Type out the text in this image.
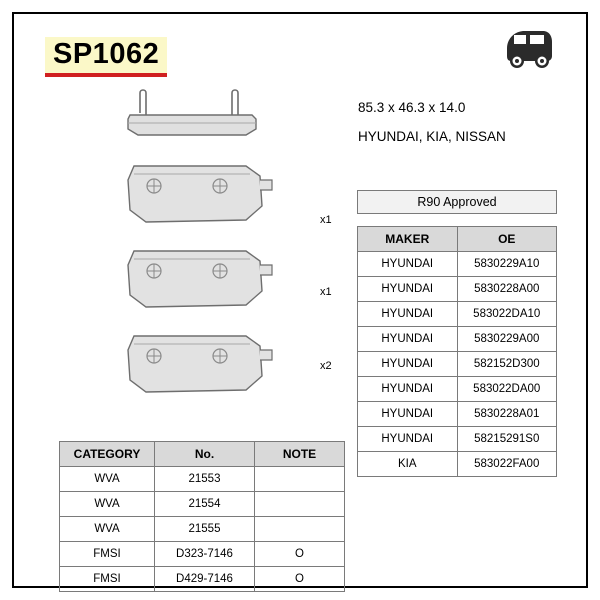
SP1062
85.3 x 46.3 x 14.0
HYUNDAI, KIA, NISSAN
R90 Approved
MAKER	OE
HYUNDAI	5830229A10
HYUNDAI	5830228A00
HYUNDAI	583022DA10
HYUNDAI	5830229A00
HYUNDAI	582152D300
HYUNDAI	583022DA00
HYUNDAI	5830228A01
HYUNDAI	58215291S0
KIA	583022FA00
CATEGORY	No.	NOTE
WVA	21553	
WVA	21554	
WVA	21555	
FMSI	D323-7146	O
FMSI	D429-7146	O
x1
x1
x2
